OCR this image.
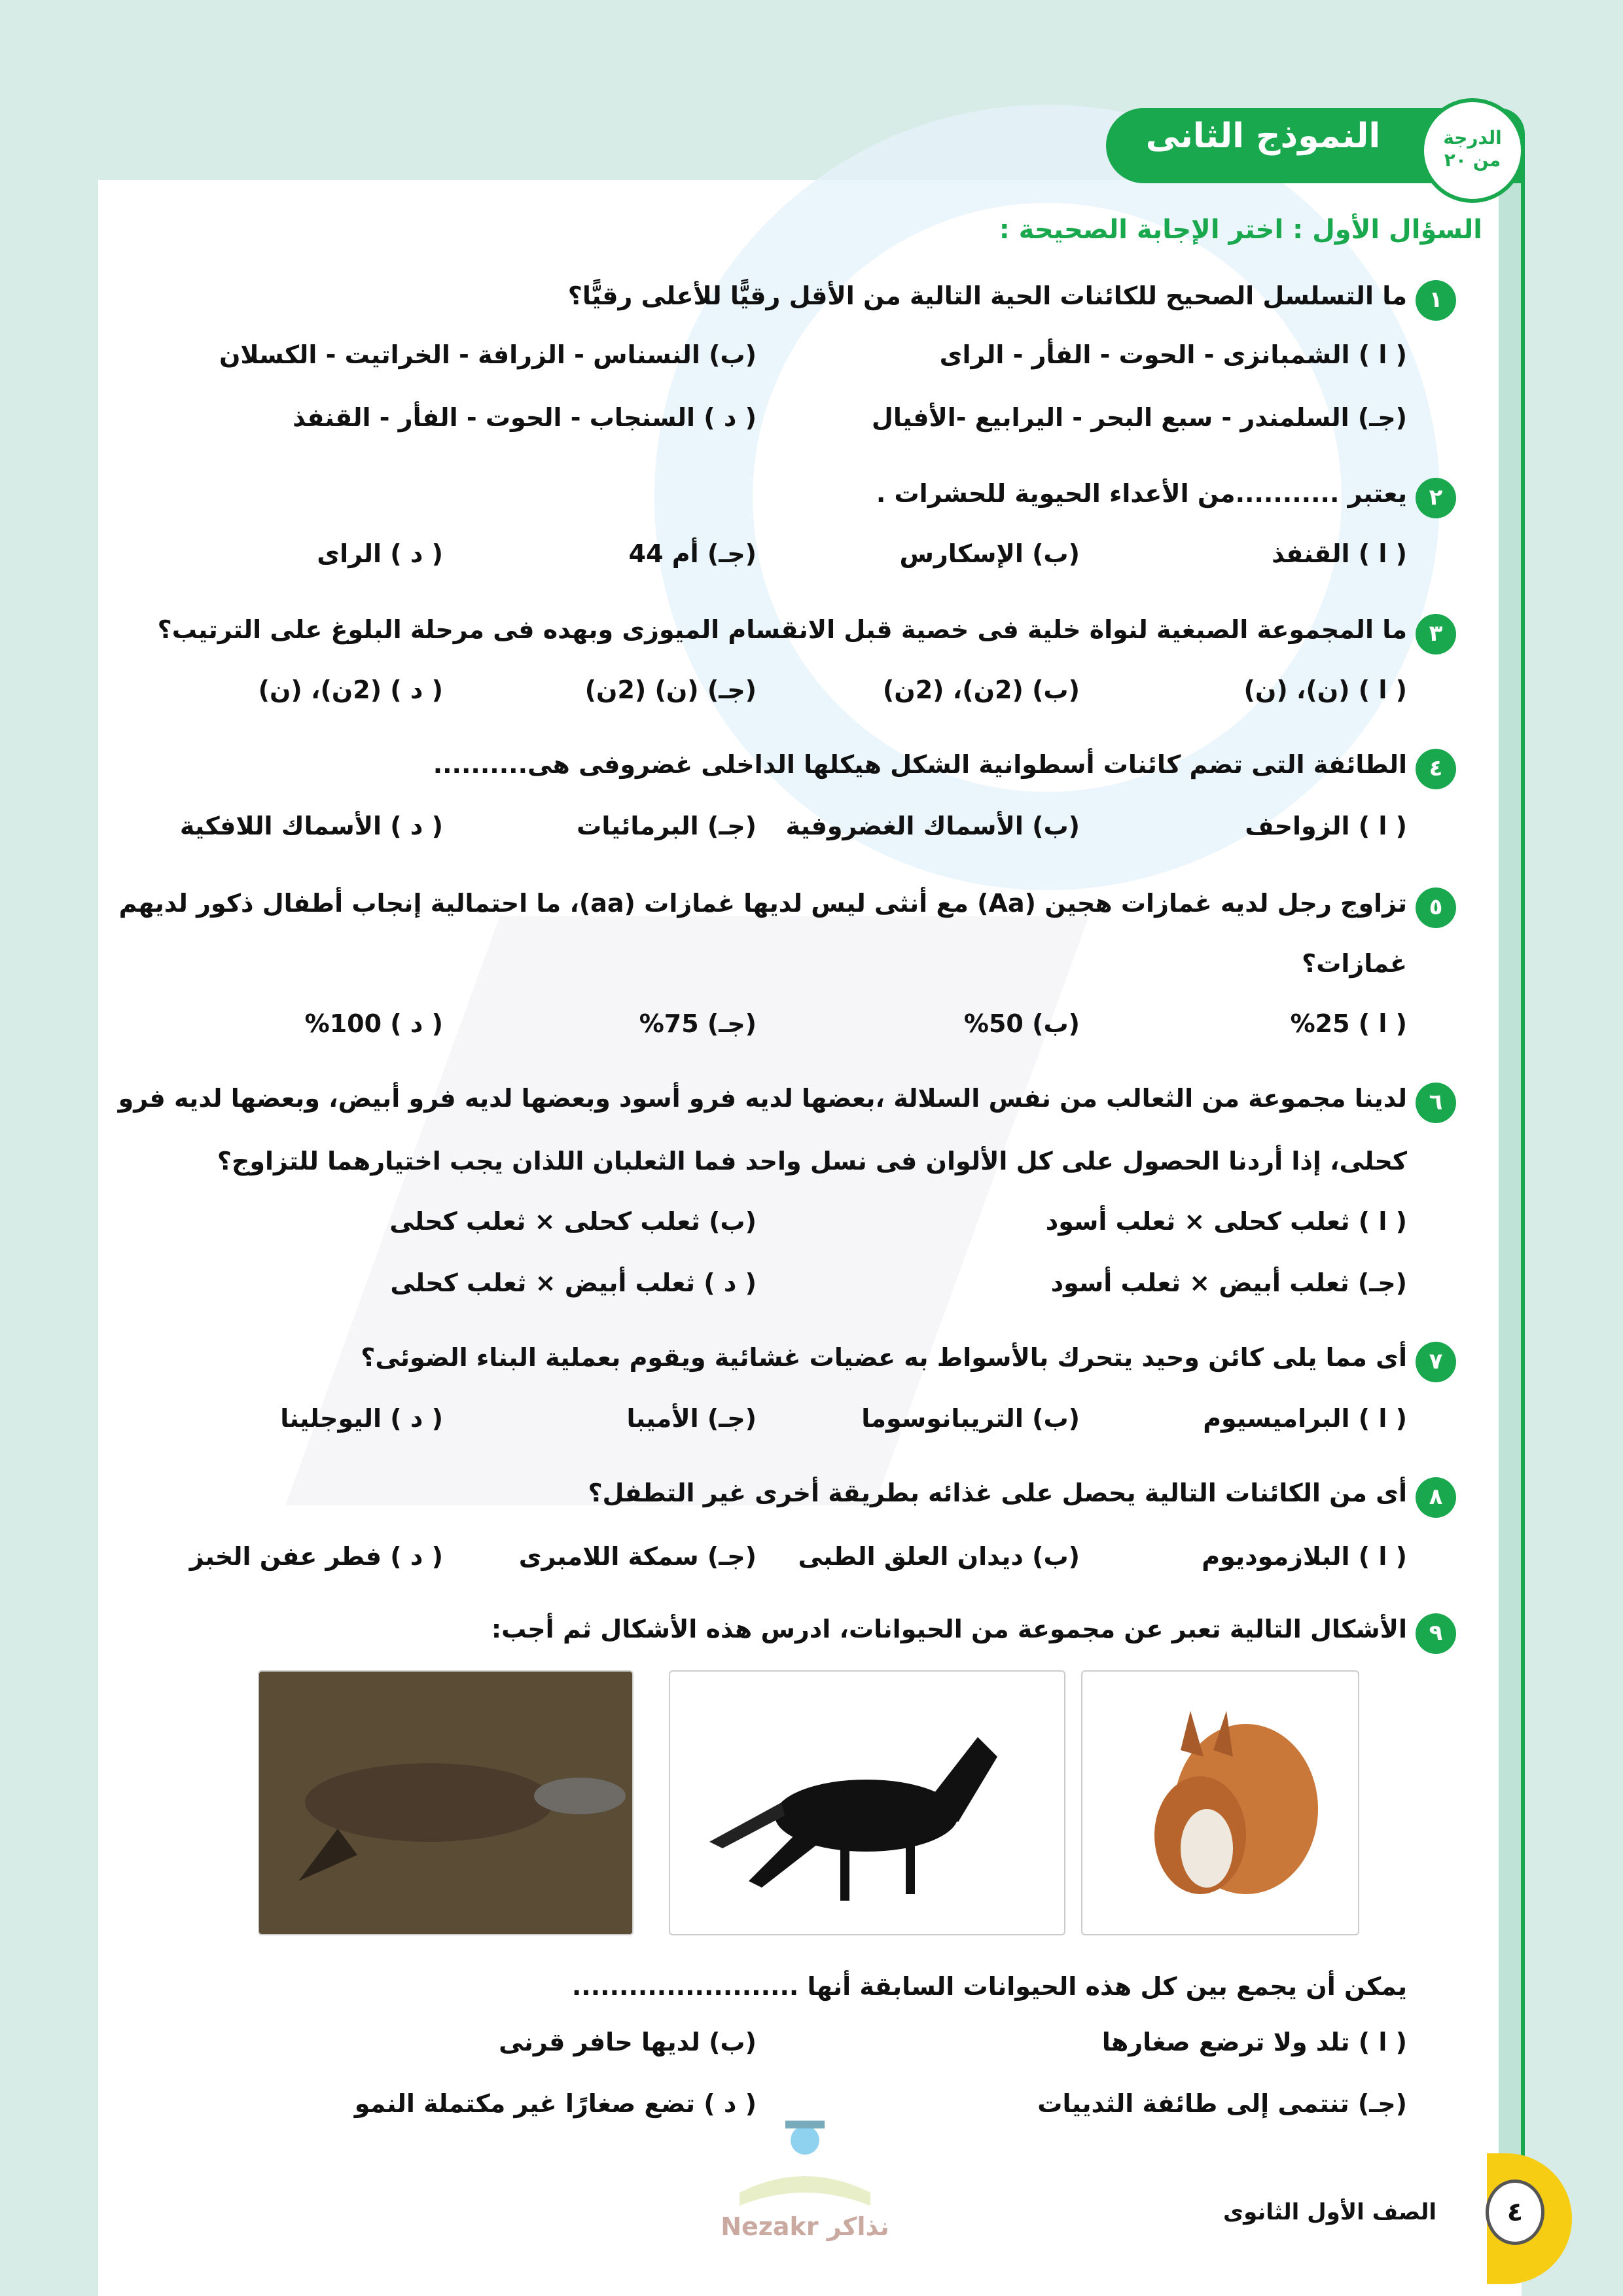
النموذج الثانى	الدرجة
من ٢٠
السؤال الأول : اختر الإجابة الصحيحة :
١
ما التسلسل الصحيح للكائنات الحية التالية من الأقل رقيًّا للأعلى رقيًّا؟
( ا ) الشمبانزى - الحوت - الفأر - الراى
(ب) النسناس - الزرافة - الخراتيت - الكسلان
(جـ) السلمندر - سبع البحر - اليرابيع -الأفيال
( د ) السنجاب - الحوت - الفأر - القنفذ
٢
يعتبر ...........من الأعداء الحيوية للحشرات .
( ا ) القنفذ
(ب) الإسكارس
(جـ) أم 44
( د ) الراى
٣
ما المجموعة الصبغية لنواة خلية فى خصية قبل الانقسام الميوزى وبهده فى مرحلة البلوغ على الترتيب؟
( ا ) (ن)، (ن)
(ب) (2ن)، (2ن)
(جـ) (ن) (2ن)
( د ) (2ن)، (ن)
٤
الطائفة التى تضم كائنات أسطوانية الشكل هيكلها الداخلى غضروفى هى..........
( ا ) الزواحف
(ب) الأسماك الغضروفية
(جـ) البرمائيات
( د ) الأسماك اللافكية
٥
تزاوج رجل لديه غمازات هجين (Aa) مع أنثى ليس لديها غمازات (aa)، ما احتمالية إنجاب أطفال ذكور لديهم
غمازات؟
( ا ) 25%
(ب) 50%
(جـ) 75%
( د ) 100%
٦
لدينا مجموعة من الثعالب من نفس السلالة ،بعضها لديه فرو أسود وبعضها لديه فرو أبيض، وبعضها لديه فرو
كحلى، إذا أردنا الحصول على كل الألوان فى نسل واحد فما الثعلبان اللذان يجب اختيارهما للتزاوج؟
( ا ) ثعلب كحلى × ثعلب أسود
(ب) ثعلب كحلى × ثعلب كحلى
(جـ) ثعلب أبيض × ثعلب أسود
( د ) ثعلب أبيض × ثعلب كحلى
٧
أى مما يلى كائن وحيد يتحرك بالأسواط به عضيات غشائية ويقوم بعملية البناء الضوئى؟
( ا ) البراميسيوم
(ب) التريبانوسوما
(جـ) الأميبا
( د ) اليوجلينا
٨
أى من الكائنات التالية يحصل على غذائه بطريقة أخرى غير التطفل؟
( ا ) البلازموديوم
(ب) ديدان العلق الطبى
(جـ) سمكة اللامبرى
( د ) فطر عفن الخبز
٩
الأشكال التالية تعبر عن مجموعة من الحيوانات، ادرس هذه الأشكال ثم أجب:
يمكن أن يجمع بين كل هذه الحيوانات السابقة أنها ........................
( ا ) تلد ولا ترضع صغارها
(ب) لديها حافر قرنى
(جـ) تنتمى إلى طائفة الثدييات
( د ) تضع صغارًا غير مكتملة النمو
Nezakr نذاكر	٤
الصف الأول الثانوى
